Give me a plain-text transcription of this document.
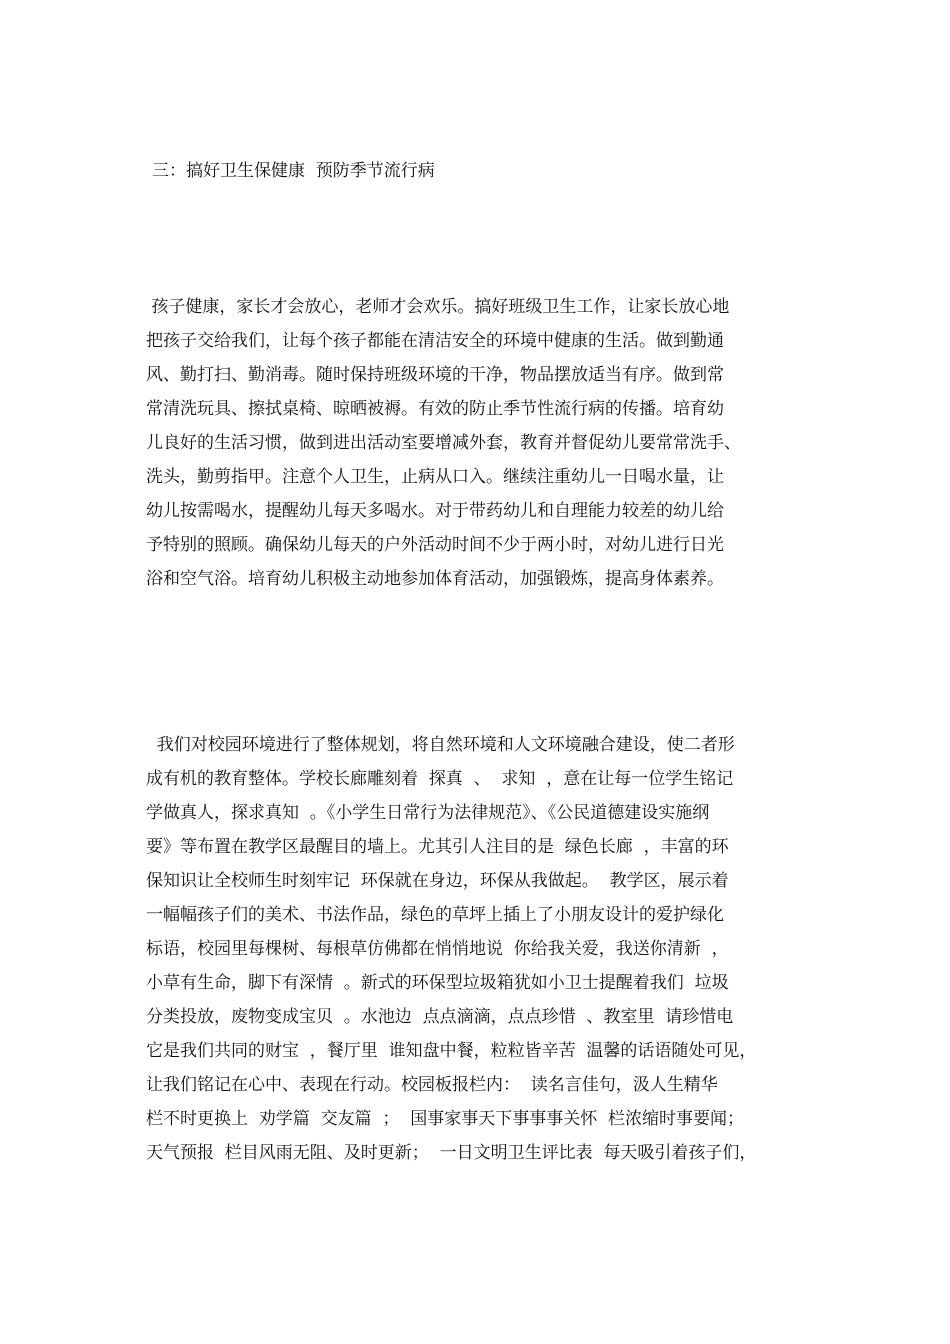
三：搞好卫生保健康  预防季节流行病
孩子健康，家长才会放心，老师才会欢乐。搞好班级卫生工作，让家长放心地
把孩子交给我们，让每个孩子都能在清洁安全的环境中健康的生活。做到勤通
风、勤打扫、勤消毒。随时保持班级环境的干净，物品摆放适当有序。做到常
常清洗玩具、擦拭桌椅、晾晒被褥。有效的防止季节性流行病的传播。培育幼
儿良好的生活习惯，做到进出活动室要增减外套，教育并督促幼儿要常常洗手、
洗头，勤剪指甲。注意个人卫生，止病从口入。继续注重幼儿一日喝水量，让
幼儿按需喝水，提醒幼儿每天多喝水。对于带药幼儿和自理能力较差的幼儿给
予特别的照顾。确保幼儿每天的户外活动时间不少于两小时，对幼儿进行日光
浴和空气浴。培育幼儿积极主动地参加体育活动，加强锻炼，提高身体素养。
我们对校园环境进行了整体规划，将自然环境和人文环境融合建设，使二者形
成有机的教育整体。学校长廊雕刻着  探真  、  求知  ，意在让每一位学生铭记
学做真人，探求真知  。《小学生日常行为法律规范》、《公民道德建设实施纲
要》等布置在教学区最醒目的墙上。尤其引人注目的是  绿色长廊  ，丰富的环
保知识让全校师生时刻牢记  环保就在身边，环保从我做起。  教学区，展示着
一幅幅孩子们的美术、书法作品，绿色的草坪上插上了小朋友设计的爱护绿化
标语，校园里每棵树、每根草仿佛都在悄悄地说  你给我关爱，我送你清新  ，
小草有生命，脚下有深情  。新式的环保型垃圾箱犹如小卫士提醒着我们  垃圾
分类投放，废物变成宝贝  。水池边  点点滴滴，点点珍惜  、教室里  请珍惜电
它是我们共同的财宝  ，餐厅里  谁知盘中餐，粒粒皆辛苦  温馨的话语随处可见，
让我们铭记在心中、表现在行动。校园板报栏内：  读名言佳句，汲人生精华
栏不时更换上  劝学篇  交友篇  ；  国事家事天下事事事关怀  栏浓缩时事要闻；
天气预报  栏目风雨无阻、及时更新；  一日文明卫生评比表  每天吸引着孩子们，
